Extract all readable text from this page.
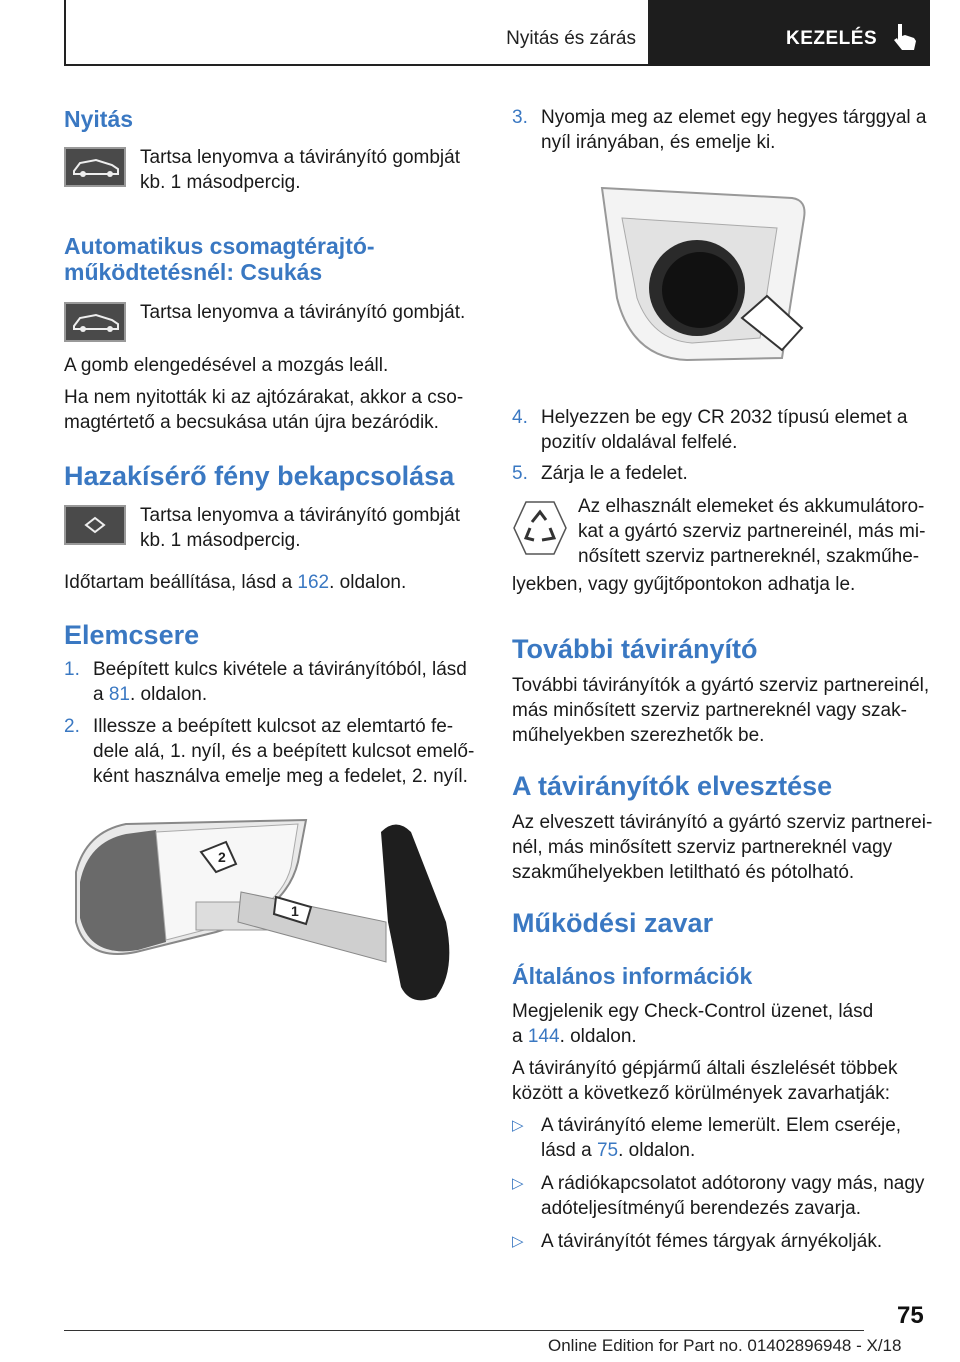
Nyitás és zárás	KEZELÉS
Nyitás
Tartsa lenyomva a távirányító gombját
kb. 1 másodpercig.
Automatikus csomagtérajtó-
működtetésnél: Csukás
Tartsa lenyomva a távirányító gombját.
A gomb elengedésével a mozgás leáll.
Ha nem nyitották ki az ajtózárakat, akkor a cso‐
magtértető a becsukása után újra bezáródik.
Hazakísérő fény bekapcsolása
Tartsa lenyomva a távirányító gombját
kb. 1 másodpercig.
Időtartam beállítása, lásd a 162. oldalon.
Elemcsere
1. Beépített kulcs kivétele a távirányítóból, lásd
a 81. oldalon.
2. Illessze a beépített kulcsot az elemtartó fe‐
dele alá, 1. nyíl, és a beépített kulcsot emelő‐
ként használva emelje meg a fedelet, 2. nyíl.
2
1
3. Nyomja meg az elemet egy hegyes tárggyal a
nyíl irányában, és emelje ki.
4. Helyezzen be egy CR 2032 típusú elemet a
pozitív oldalával felfelé.
5. Zárja le a fedelet.
Az elhasznált elemeket és akkumulátoro‐
kat a gyártó szerviz partnereinél, más mi‐
nősített szerviz partnereknél, szakműhe‐
lyekben, vagy gyűjtőpontokon adhatja le.
További távirányító
További távirányítók a gyártó szerviz partnereinél,
más minősített szerviz partnereknél vagy szak‐
műhelyekben szerezhetők be.
A távirányítók elvesztése
Az elveszett távirányító a gyártó szerviz partnerei‐
nél, más minősített szerviz partnereknél vagy
szakműhelyekben letiltható és pótolható.
Működési zavar
Általános információk
Megjelenik egy Check-Control üzenet, lásd
a 144. oldalon.
A távirányító gépjármű általi észlelését többek
között a következő körülmények zavarhatják:
▷ A távirányító eleme lemerült. Elem cseréje,
lásd a 75. oldalon.
▷ A rádiókapcsolatot adótorony vagy más, nagy
adóteljesítményű berendezés zavarja.
▷ A távirányítót fémes tárgyak árnyékolják.
75
Online Edition for Part no. 01402896948 - X/18
